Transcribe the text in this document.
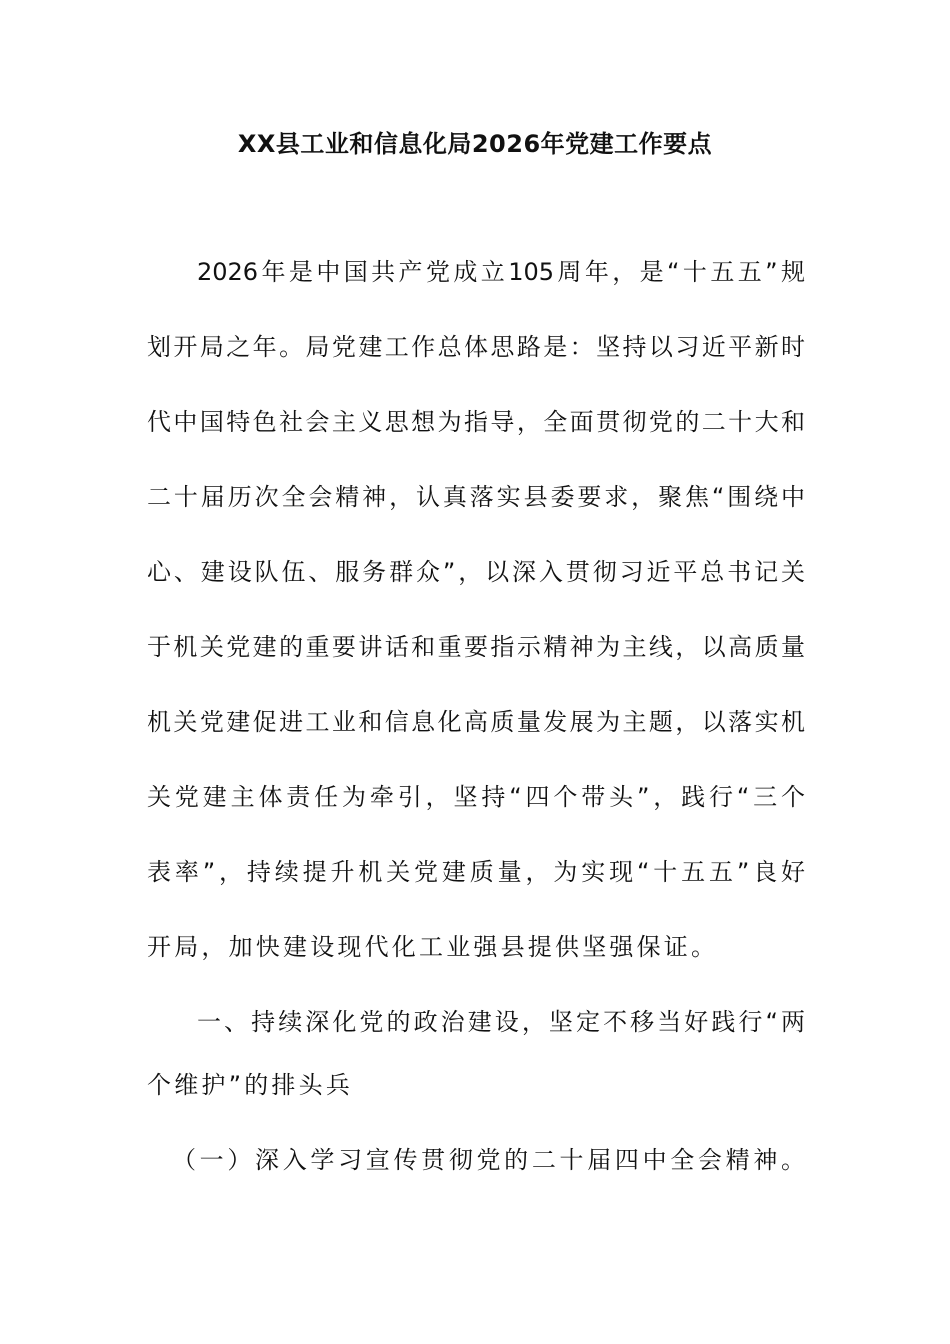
XX县工业和信息化局2026年党建工作要点
2026年是中国共产党成立105周年，是“十五五”规
划开局之年。局党建工作总体思路是：坚持以习近平新时
代中国特色社会主义思想为指导，全面贯彻党的二十大和
二十届历次全会精神，认真落实县委要求，聚焦“围绕中
心、建设队伍、服务群众”，以深入贯彻习近平总书记关
于机关党建的重要讲话和重要指示精神为主线，以高质量
机关党建促进工业和信息化高质量发展为主题，以落实机
关党建主体责任为牵引，坚持“四个带头”，践行“三个
表率”，持续提升机关党建质量，为实现“十五五”良好
开局，加快建设现代化工业强县提供坚强保证。
一、持续深化党的政治建设，坚定不移当好践行“两
个维护”的排头兵
（一）深入学习宣传贯彻党的二十届四中全会精神。
